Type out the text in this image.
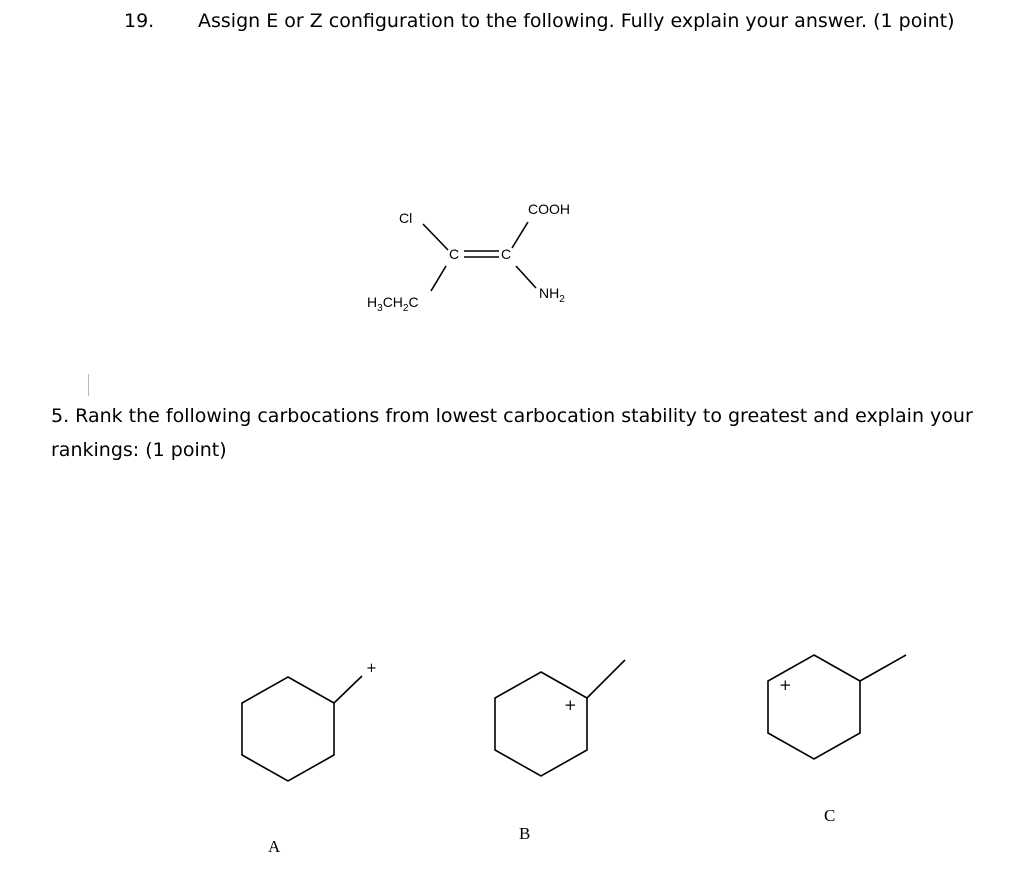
19. Assign E or Z configuration to the following. Fully explain your answer. (1 point)
Cl
COOH
C	C
$H_3CH_2C$
$NH_2$
5. Rank the following carbocations from lowest carbocation stability to greatest and explain your rankings: (1 point)
+
+
+
A
B
C
